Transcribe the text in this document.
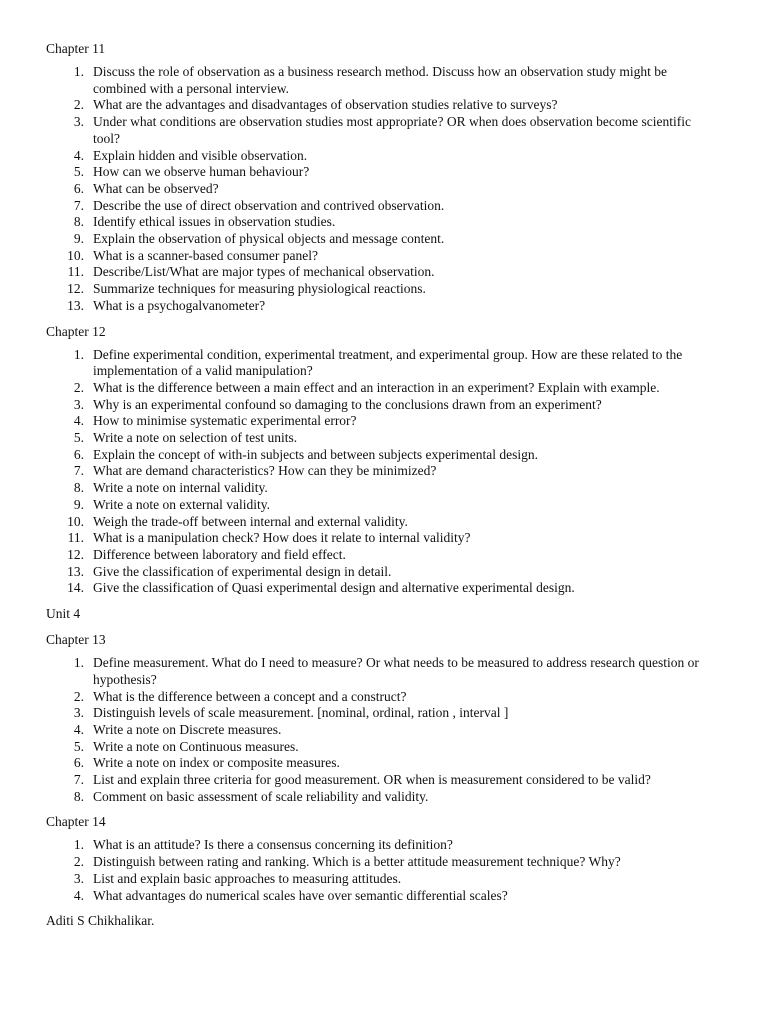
Chapter 11

1. Discuss the role of observation as a business research method. Discuss how an observation study might be combined with a personal interview.
2. What are the advantages and disadvantages of observation studies relative to surveys?
3. Under what conditions are observation studies most appropriate? OR when does observation become scientific tool?
4. Explain hidden and visible observation.
5. How can we observe human behaviour?
6. What can be observed?
7. Describe the use of direct observation and contrived observation.
8. Identify ethical issues in observation studies.
9. Explain the observation of physical objects and message content.
10. What is a scanner-based consumer panel?
11. Describe/List/What are major types of mechanical observation.
12. Summarize techniques for measuring physiological reactions.
13. What is a psychogalvanometer?

Chapter 12

1. Define experimental condition, experimental treatment, and experimental group. How are these related to the implementation of a valid manipulation?
2. What is the difference between a main effect and an interaction in an experiment? Explain with example.
3. Why is an experimental confound so damaging to the conclusions drawn from an experiment?
4. How to minimise systematic experimental error?
5. Write a note on selection of test units.
6. Explain the concept of with-in subjects and between subjects experimental design.
7. What are demand characteristics? How can they be minimized?
8. Write a note on internal validity.
9. Write a note on external validity.
10. Weigh the trade-off between internal and external validity.
11. What is a manipulation check? How does it relate to internal validity?
12. Difference between laboratory and field effect.
13. Give the classification of experimental design in detail.
14. Give the classification of Quasi experimental design and alternative experimental design.

Unit 4

Chapter 13

1. Define measurement. What do I need to measure? Or what needs to be measured to address research question or hypothesis?
2. What is the difference between a concept and a construct?
3. Distinguish levels of scale measurement. [nominal, ordinal, ration , interval ]
4. Write a note on Discrete measures.
5. Write a note on Continuous measures.
6. Write a note on index or composite measures.
7. List and explain three criteria for good measurement. OR when is measurement considered to be valid?
8. Comment on basic assessment of scale reliability and validity.

Chapter 14

1. What is an attitude? Is there a consensus concerning its definition?
2. Distinguish between rating and ranking. Which is a better attitude measurement technique? Why?
3. List and explain basic approaches to measuring attitudes.
4. What advantages do numerical scales have over semantic differential scales?

Aditi S Chikhalikar.
